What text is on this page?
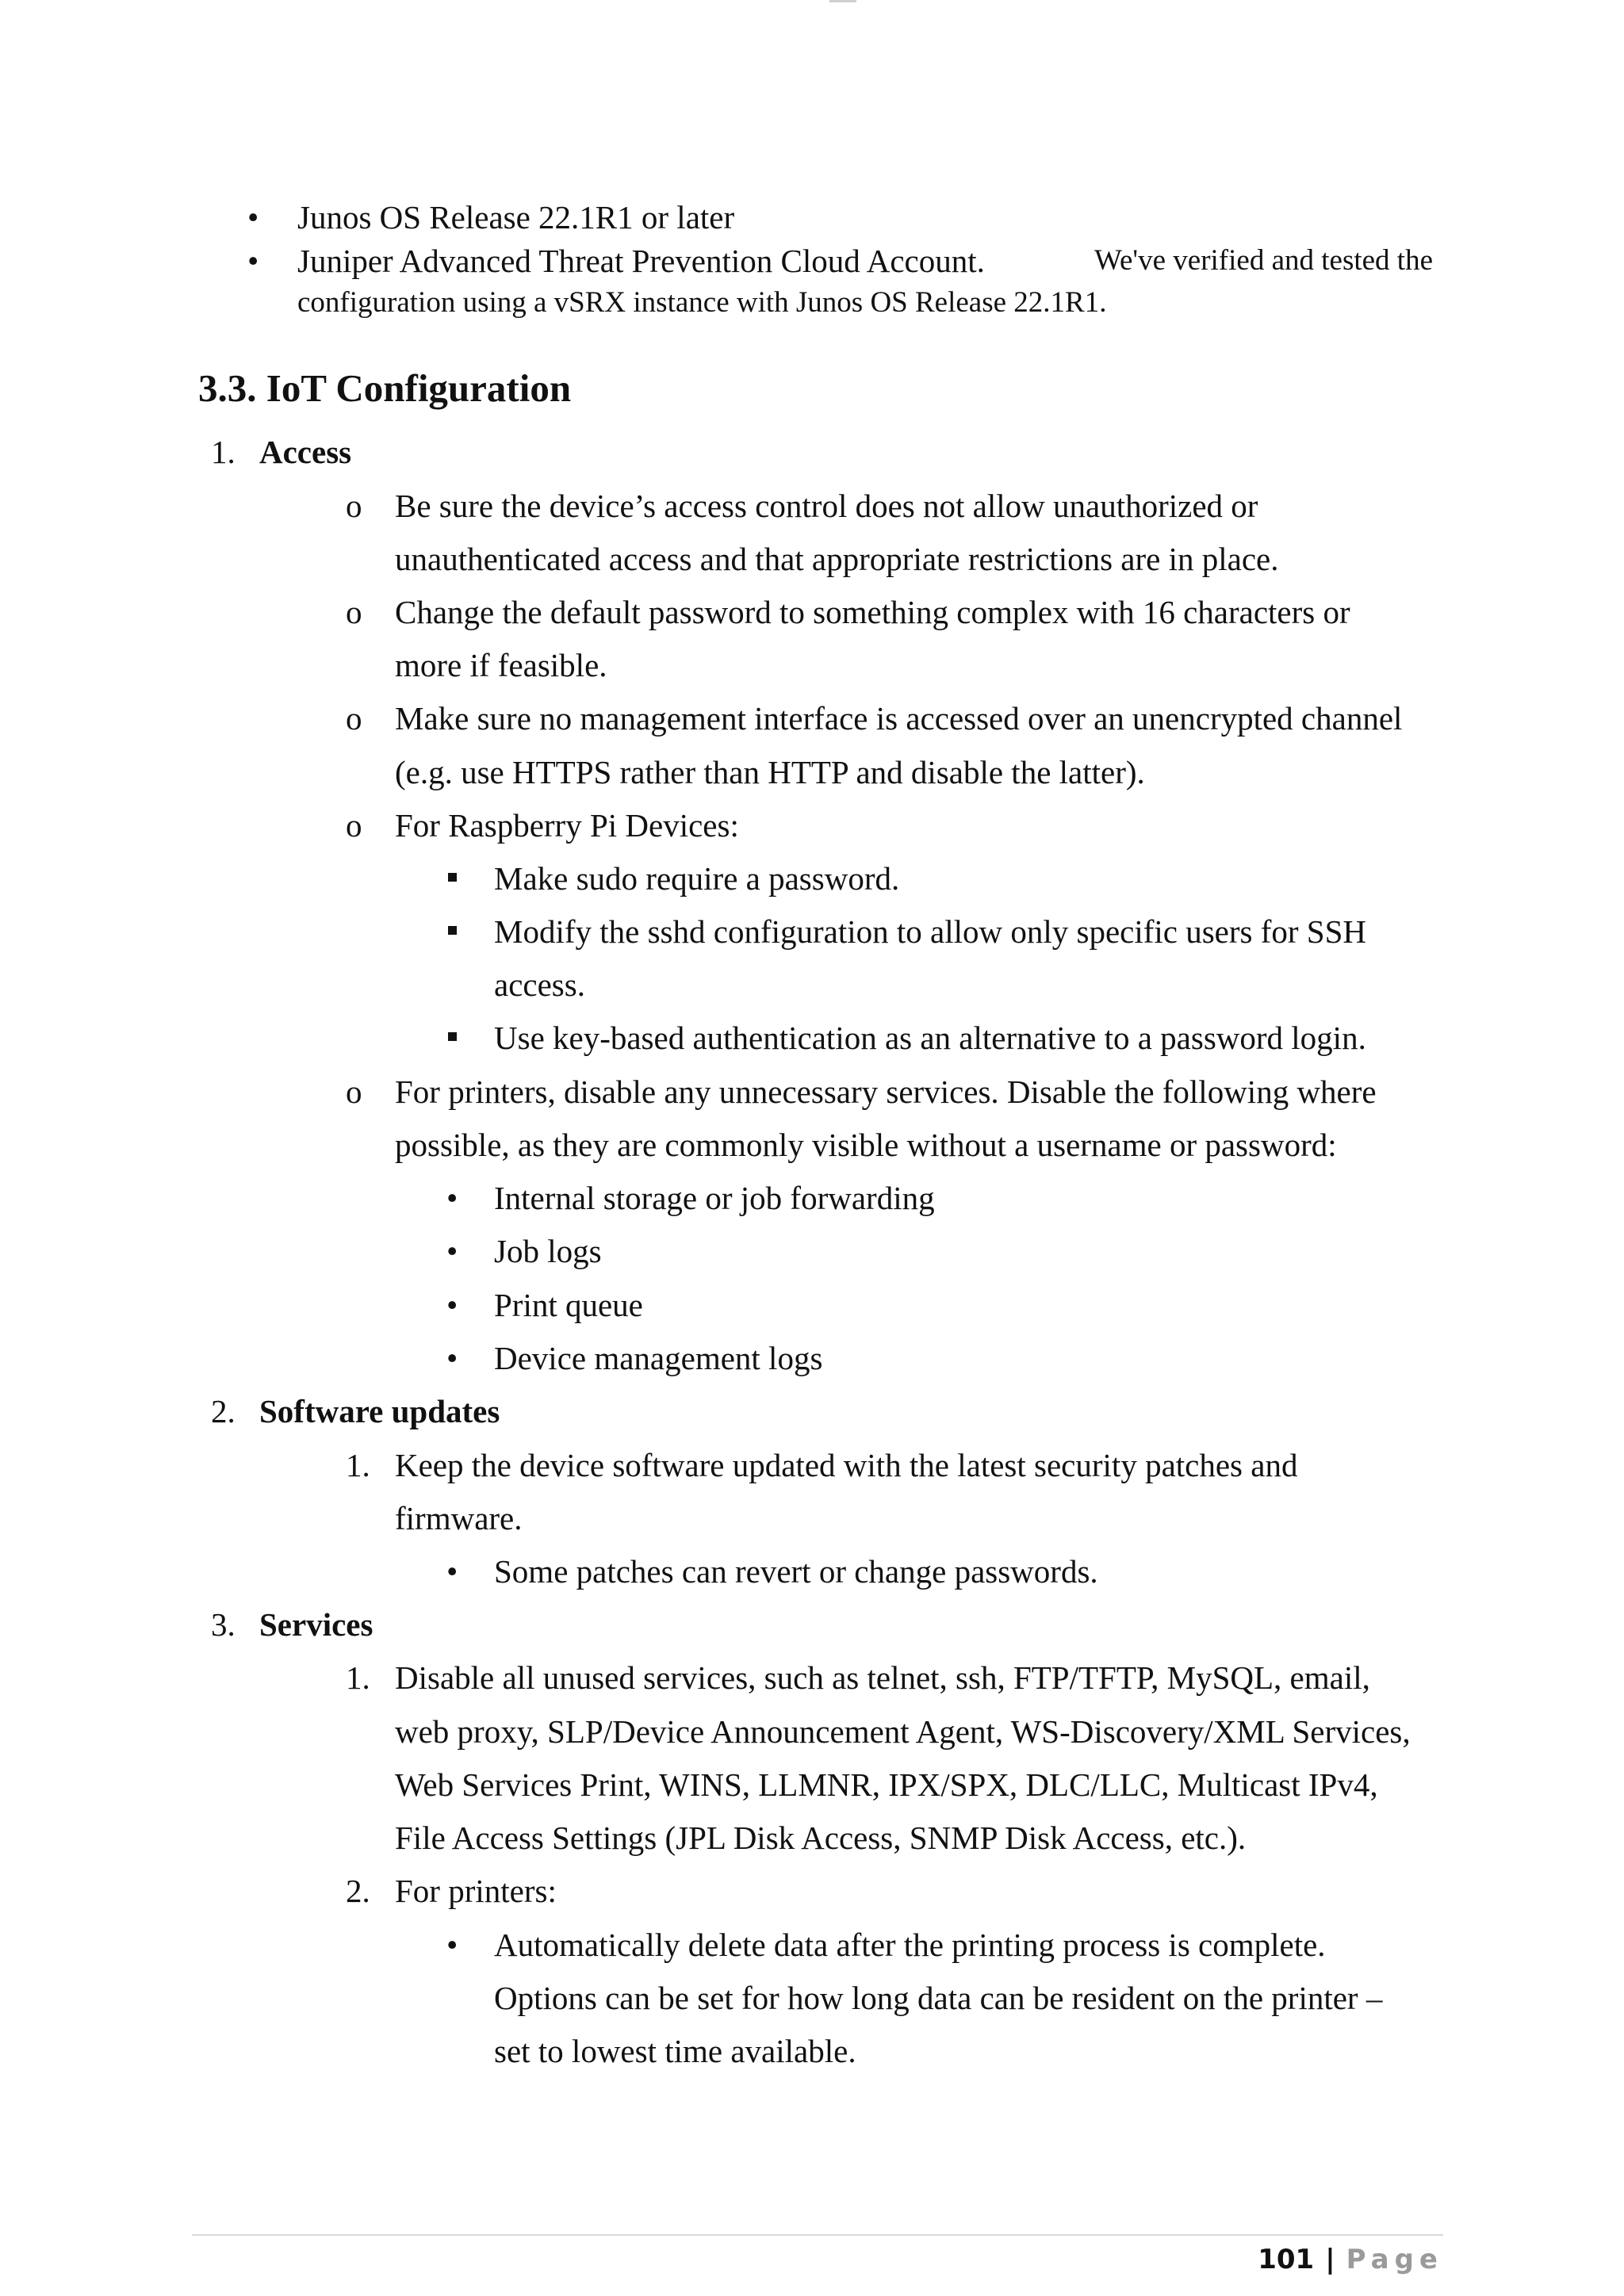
• Junos OS Release 22.1R1 or later
• Juniper Advanced Threat Prevention Cloud Account.	We've verified and tested the
configuration using a vSRX instance with Junos OS Release 22.1R1.
3.3. IoT Configuration
1. Access
o Be sure the device’s access control does not allow unauthorized or
unauthenticated access and that appropriate restrictions are in place.
o Change the default password to something complex with 16 characters or
more if feasible.
o Make sure no management interface is accessed over an unencrypted channel
(e.g. use HTTPS rather than HTTP and disable the latter).
o For Raspberry Pi Devices:
Make sudo require a password.
Modify the sshd configuration to allow only specific users for SSH
access.
Use key-based authentication as an alternative to a password login.
o For printers, disable any unnecessary services. Disable the following where
possible, as they are commonly visible without a username or password:
• Internal storage or job forwarding
• Job logs
• Print queue
• Device management logs
2. Software updates
1. Keep the device software updated with the latest security patches and
firmware.
• Some patches can revert or change passwords.
3. Services
1. Disable all unused services, such as telnet, ssh, FTP/TFTP, MySQL, email,
web proxy, SLP/Device Announcement Agent, WS-Discovery/XML Services,
Web Services Print, WINS, LLMNR, IPX/SPX, DLC/LLC, Multicast IPv4,
File Access Settings (JPL Disk Access, SNMP Disk Access, etc.).
2. For printers:
• Automatically delete data after the printing process is complete.
Options can be set for how long data can be resident on the printer –
set to lowest time available.
101 | Page
